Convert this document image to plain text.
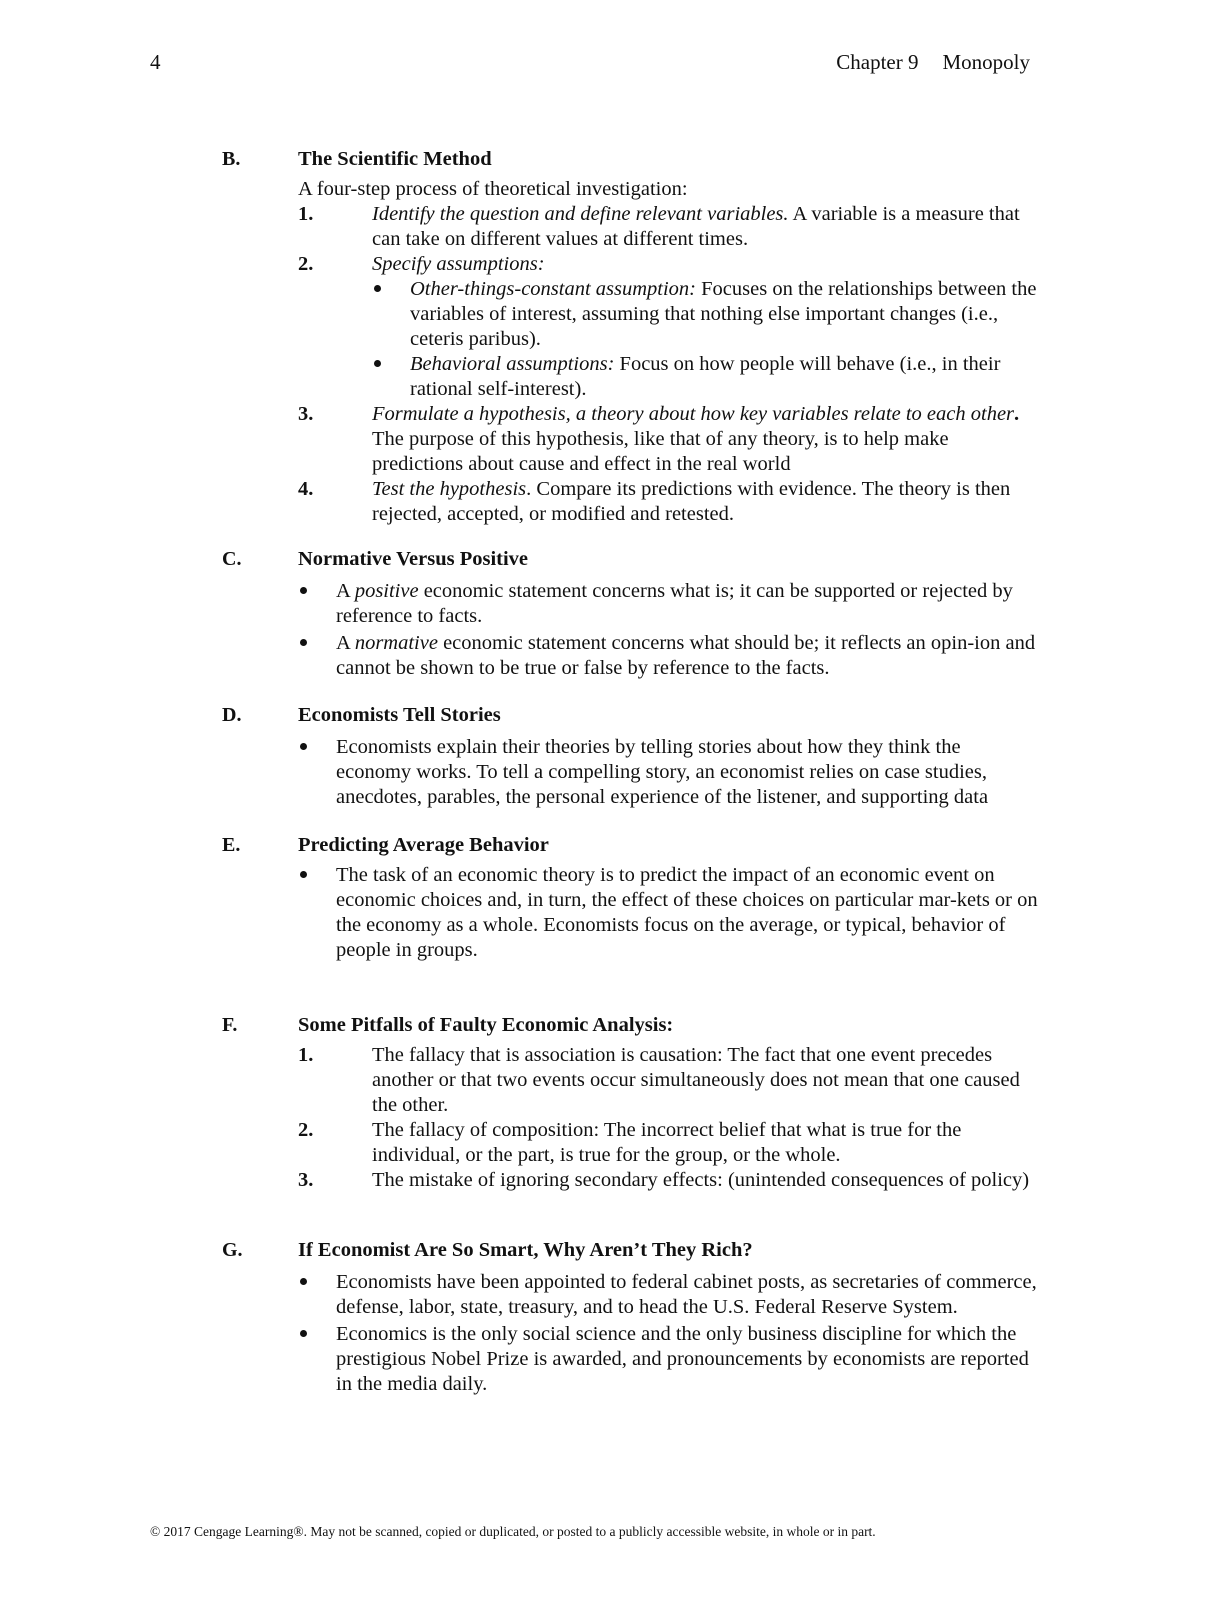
4	Chapter 9 Monopoly
B.	The Scientific Method
A four-step process of theoretical investigation:
1.	Identify the question and define relevant variables. A variable is a measure that can take on different values at different times.
2.	Specify assumptions:
Other-things-constant assumption: Focuses on the relationships between the variables of interest, assuming that nothing else important changes (i.e., ceteris paribus).
Behavioral assumptions: Focus on how people will behave (i.e., in their rational self-interest).
3.	Formulate a hypothesis, a theory about how key variables relate to each other. The purpose of this hypothesis, like that of any theory, is to help make predictions about cause and effect in the real world
4.	Test the hypothesis. Compare its predictions with evidence. The theory is then rejected, accepted, or modified and retested.
C.	Normative Versus Positive
A positive economic statement concerns what is; it can be supported or rejected by reference to facts.
A normative economic statement concerns what should be; it reflects an opin-ion and cannot be shown to be true or false by reference to the facts.
D.	Economists Tell Stories
Economists explain their theories by telling stories about how they think the economy works. To tell a compelling story, an economist relies on case studies, anecdotes, parables, the personal experience of the listener, and supporting data
E.	Predicting Average Behavior
The task of an economic theory is to predict the impact of an economic event on economic choices and, in turn, the effect of these choices on particular mar-kets or on the economy as a whole. Economists focus on the average, or typical, behavior of people in groups.
F.	Some Pitfalls of Faulty Economic Analysis:
1.	The fallacy that is association is causation: The fact that one event precedes another or that two events occur simultaneously does not mean that one caused the other.
2.	The fallacy of composition: The incorrect belief that what is true for the individual, or the part, is true for the group, or the whole.
3.	The mistake of ignoring secondary effects: (unintended consequences of policy)
G.	If Economist Are So Smart, Why Aren’t They Rich?
Economists have been appointed to federal cabinet posts, as secretaries of commerce, defense, labor, state, treasury, and to head the U.S. Federal Reserve System.
Economics is the only social science and the only business discipline for which the prestigious Nobel Prize is awarded, and pronouncements by economists are reported in the media daily.
© 2017 Cengage Learning®. May not be scanned, copied or duplicated, or posted to a publicly accessible website, in whole or in part.
